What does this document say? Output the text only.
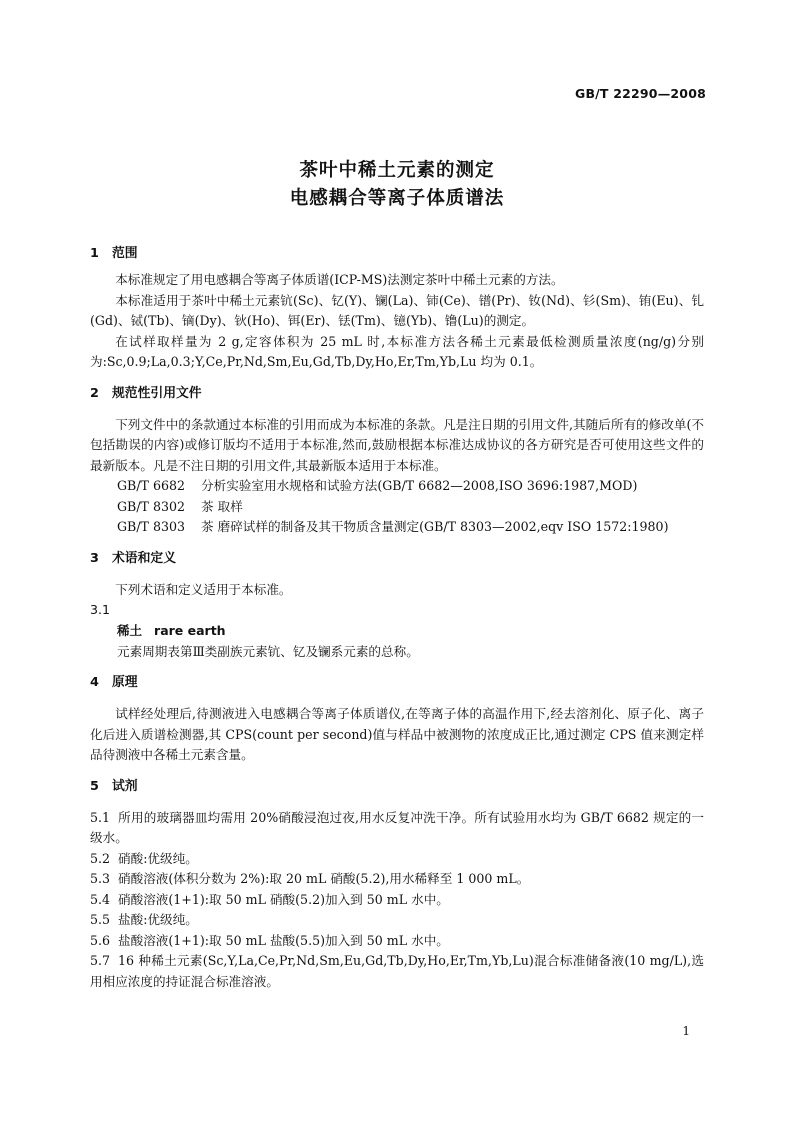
GB/T 22290—2008
茶叶中稀土元素的测定
电感耦合等离子体质谱法
1 范围
本标准规定了用电感耦合等离子体质谱(ICP-MS)法测定茶叶中稀土元素的方法。
本标准适用于茶叶中稀土元素钪(Sc)、钇(Y)、镧(La)、铈(Ce)、镨(Pr)、钕(Nd)、钐(Sm)、铕(Eu)、钆(Gd)、铽(Tb)、镝(Dy)、钬(Ho)、铒(Er)、铥(Tm)、镱(Yb)、镥(Lu)的测定。
在试样取样量为 2 g,定容体积为 25 mL 时,本标准方法各稀土元素最低检测质量浓度(ng/g)分别为:Sc,0.9;La,0.3;Y,Ce,Pr,Nd,Sm,Eu,Gd,Tb,Dy,Ho,Er,Tm,Yb,Lu 均为 0.1。
2 规范性引用文件
下列文件中的条款通过本标准的引用而成为本标准的条款。凡是注日期的引用文件,其随后所有的修改单(不包括勘误的内容)或修订版均不适用于本标准,然而,鼓励根据本标准达成协议的各方研究是否可使用这些文件的最新版本。凡是不注日期的引用文件,其最新版本适用于本标准。
GB/T 6682 分析实验室用水规格和试验方法(GB/T 6682—2008,ISO 3696:1987,MOD)
GB/T 8302 茶 取样
GB/T 8303 茶 磨碎试样的制备及其干物质含量测定(GB/T 8303—2002,eqv ISO 1572:1980)
3 术语和定义
下列术语和定义适用于本标准。
3.1
稀土 rare earth
元素周期表第Ⅲ类副族元素钪、钇及镧系元素的总称。
4 原理
试样经处理后,待测液进入电感耦合等离子体质谱仪,在等离子体的高温作用下,经去溶剂化、原子化、离子化后进入质谱检测器,其 CPS(count per second)值与样品中被测物的浓度成正比,通过测定 CPS 值来测定样品待测液中各稀土元素含量。
5 试剂
5.1 所用的玻璃器皿均需用 20%硝酸浸泡过夜,用水反复冲洗干净。所有试验用水均为 GB/T 6682 规定的一级水。
5.2 硝酸:优级纯。
5.3 硝酸溶液(体积分数为 2%):取 20 mL 硝酸(5.2),用水稀释至 1 000 mL。
5.4 硝酸溶液(1+1):取 50 mL 硝酸(5.2)加入到 50 mL 水中。
5.5 盐酸:优级纯。
5.6 盐酸溶液(1+1):取 50 mL 盐酸(5.5)加入到 50 mL 水中。
5.7 16 种稀土元素(Sc,Y,La,Ce,Pr,Nd,Sm,Eu,Gd,Tb,Dy,Ho,Er,Tm,Yb,Lu)混合标准储备液(10 mg/L),选用相应浓度的持证混合标准溶液。
1
